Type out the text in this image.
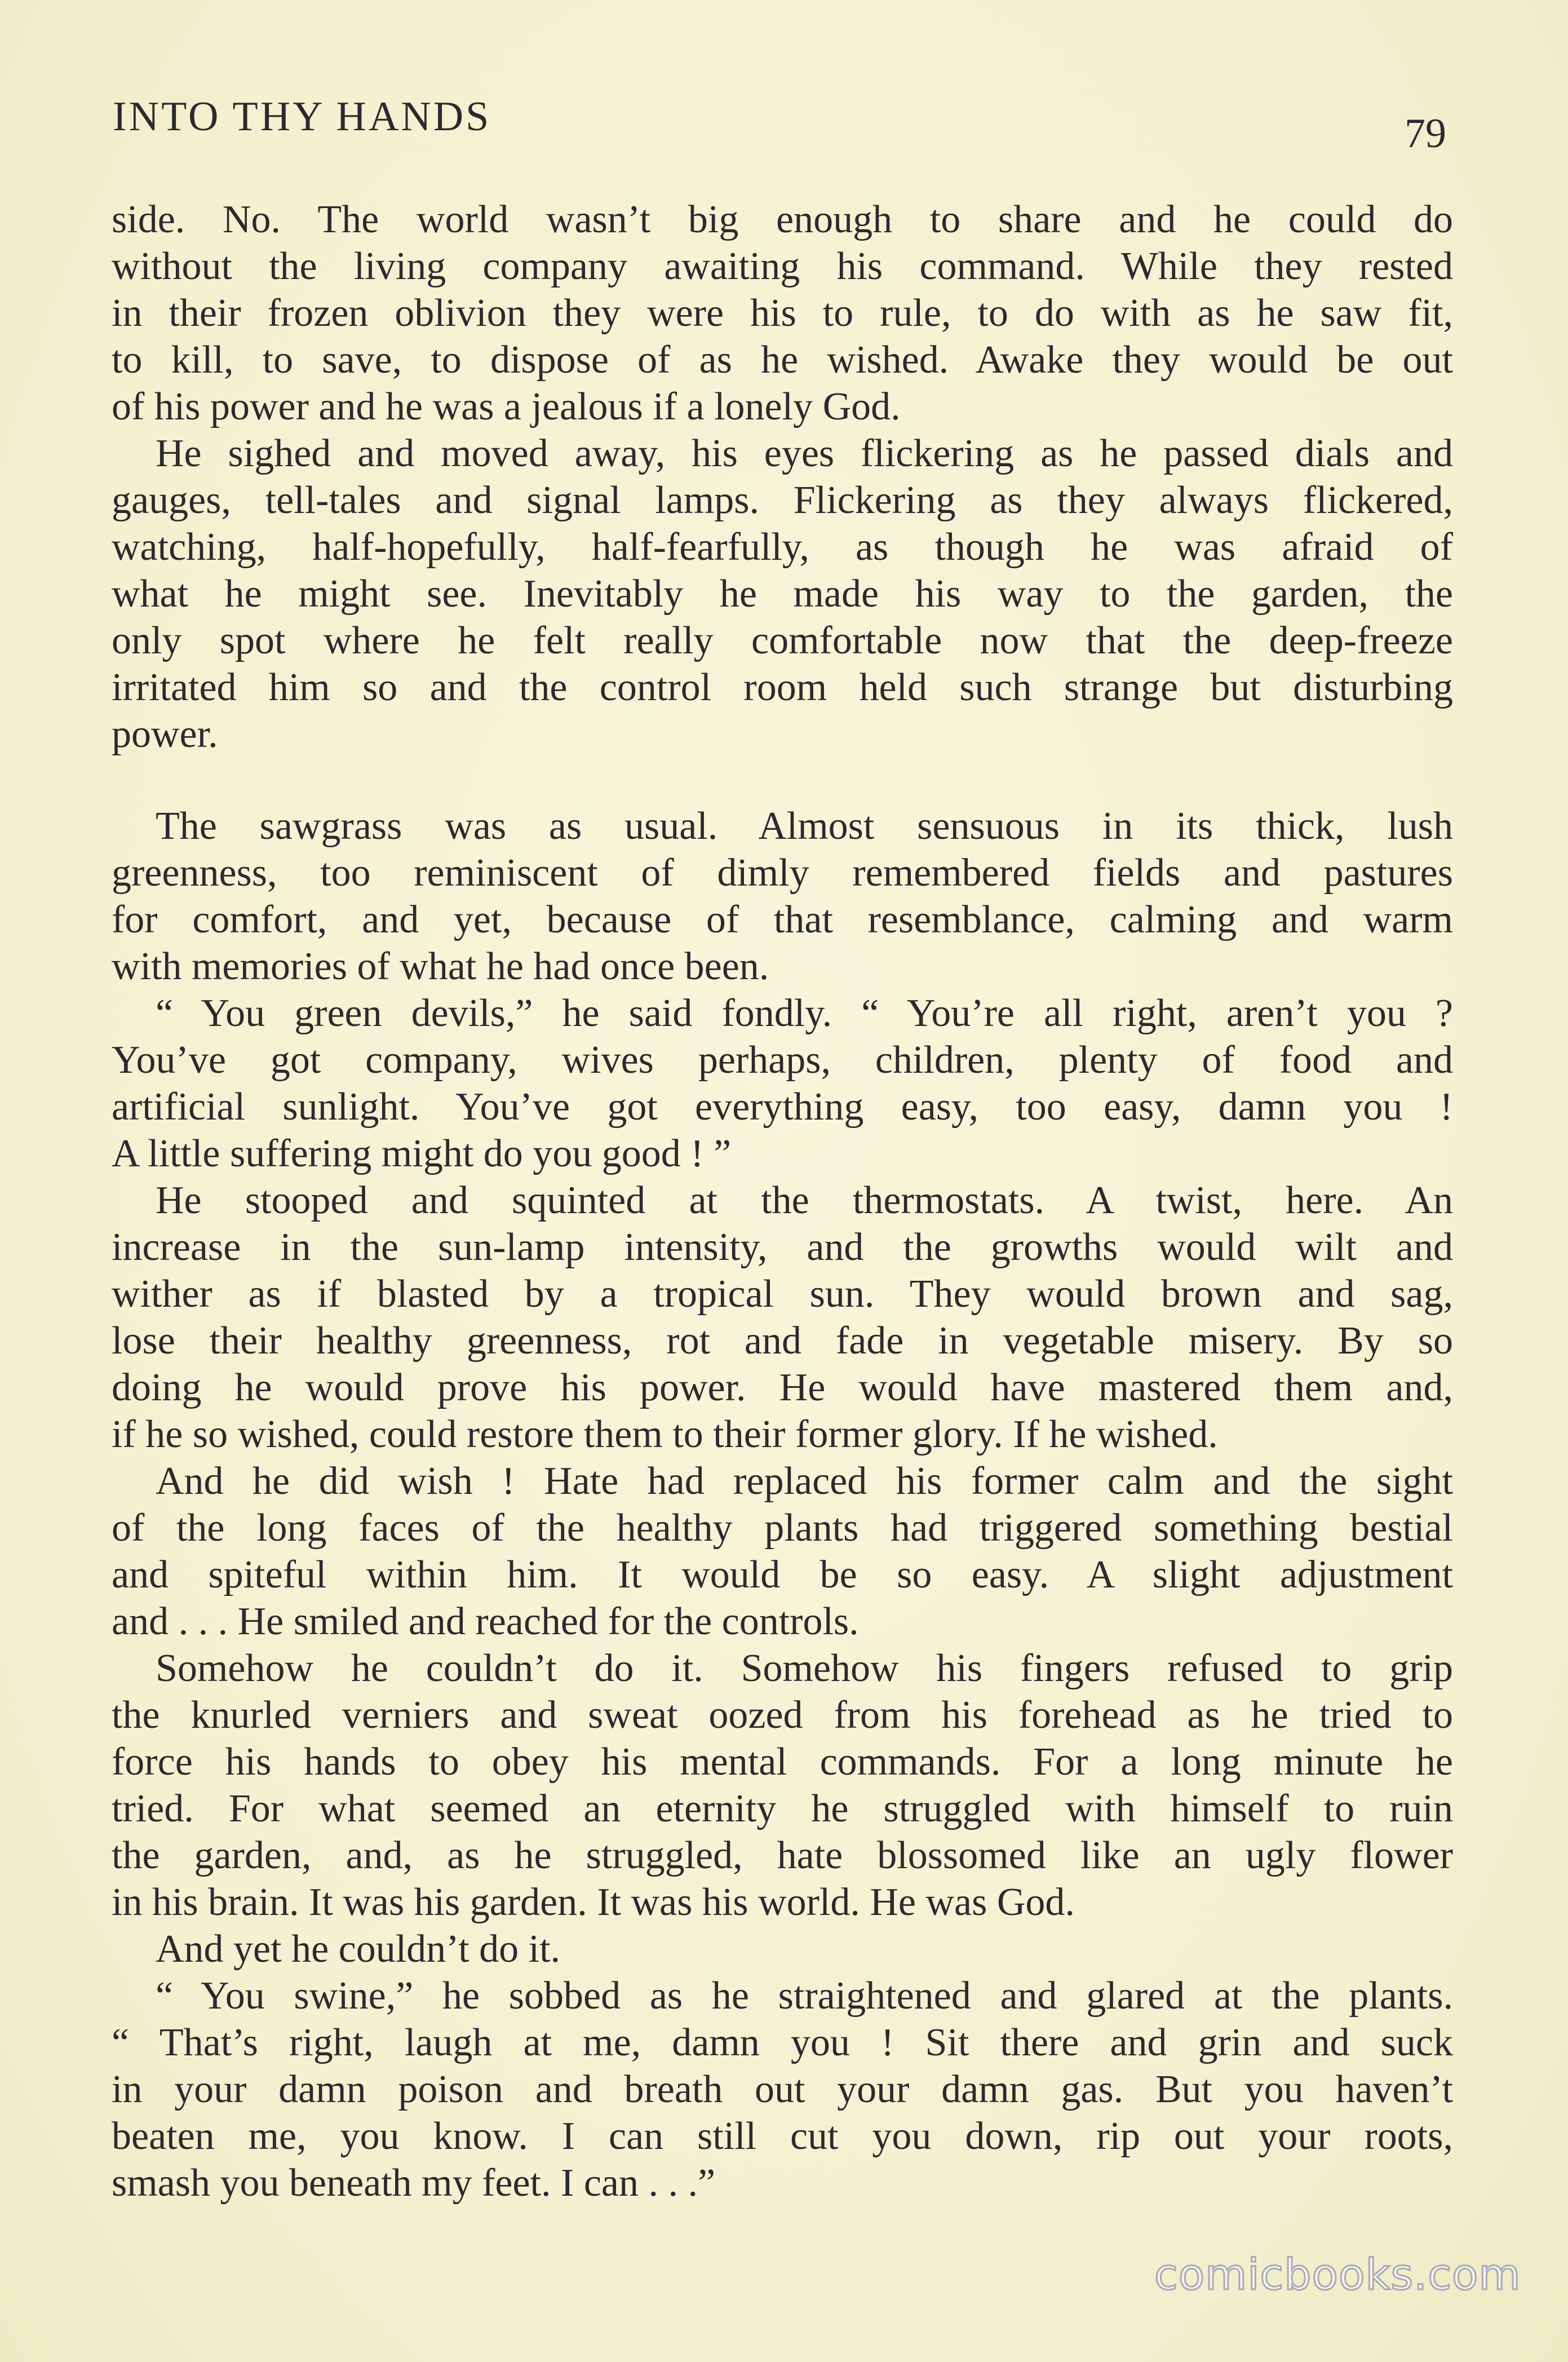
INTO THY HANDS	79
side. No. The world wasn’t big enough to share and he could do
without the living company awaiting his command. While they rested
in their frozen oblivion they were his to rule, to do with as he saw fit,
to kill, to save, to dispose of as he wished. Awake they would be out
of his power and he was a jealous if a lonely God.
He sighed and moved away, his eyes flickering as he passed dials and
gauges, tell-tales and signal lamps. Flickering as they always flickered,
watching, half-hopefully, half-fearfully, as though he was afraid of
what he might see. Inevitably he made his way to the garden, the
only spot where he felt really comfortable now that the deep-freeze
irritated him so and the control room held such strange but disturbing
power.
The sawgrass was as usual. Almost sensuous in its thick, lush
greenness, too reminiscent of dimly remembered fields and pastures
for comfort, and yet, because of that resemblance, calming and warm
with memories of what he had once been.
“ You green devils,” he said fondly. “ You’re all right, aren’t you ?
You’ve got company, wives perhaps, children, plenty of food and
artificial sunlight. You’ve got everything easy, too easy, damn you !
A little suffering might do you good ! ”
He stooped and squinted at the thermostats. A twist, here. An
increase in the sun-lamp intensity, and the growths would wilt and
wither as if blasted by a tropical sun. They would brown and sag,
lose their healthy greenness, rot and fade in vegetable misery. By so
doing he would prove his power. He would have mastered them and,
if he so wished, could restore them to their former glory. If he wished.
And he did wish ! Hate had replaced his former calm and the sight
of the long faces of the healthy plants had triggered something bestial
and spiteful within him. It would be so easy. A slight adjustment
and . . . He smiled and reached for the controls.
Somehow he couldn’t do it. Somehow his fingers refused to grip
the knurled verniers and sweat oozed from his forehead as he tried to
force his hands to obey his mental commands. For a long minute he
tried. For what seemed an eternity he struggled with himself to ruin
the garden, and, as he struggled, hate blossomed like an ugly flower
in his brain. It was his garden. It was his world. He was God.
And yet he couldn’t do it.
“ You swine,” he sobbed as he straightened and glared at the plants.
“ That’s right, laugh at me, damn you ! Sit there and grin and suck
in your damn poison and breath out your damn gas. But you haven’t
beaten me, you know. I can still cut you down, rip out your roots,
smash you beneath my feet. I can . . .”
comicbooks.com
